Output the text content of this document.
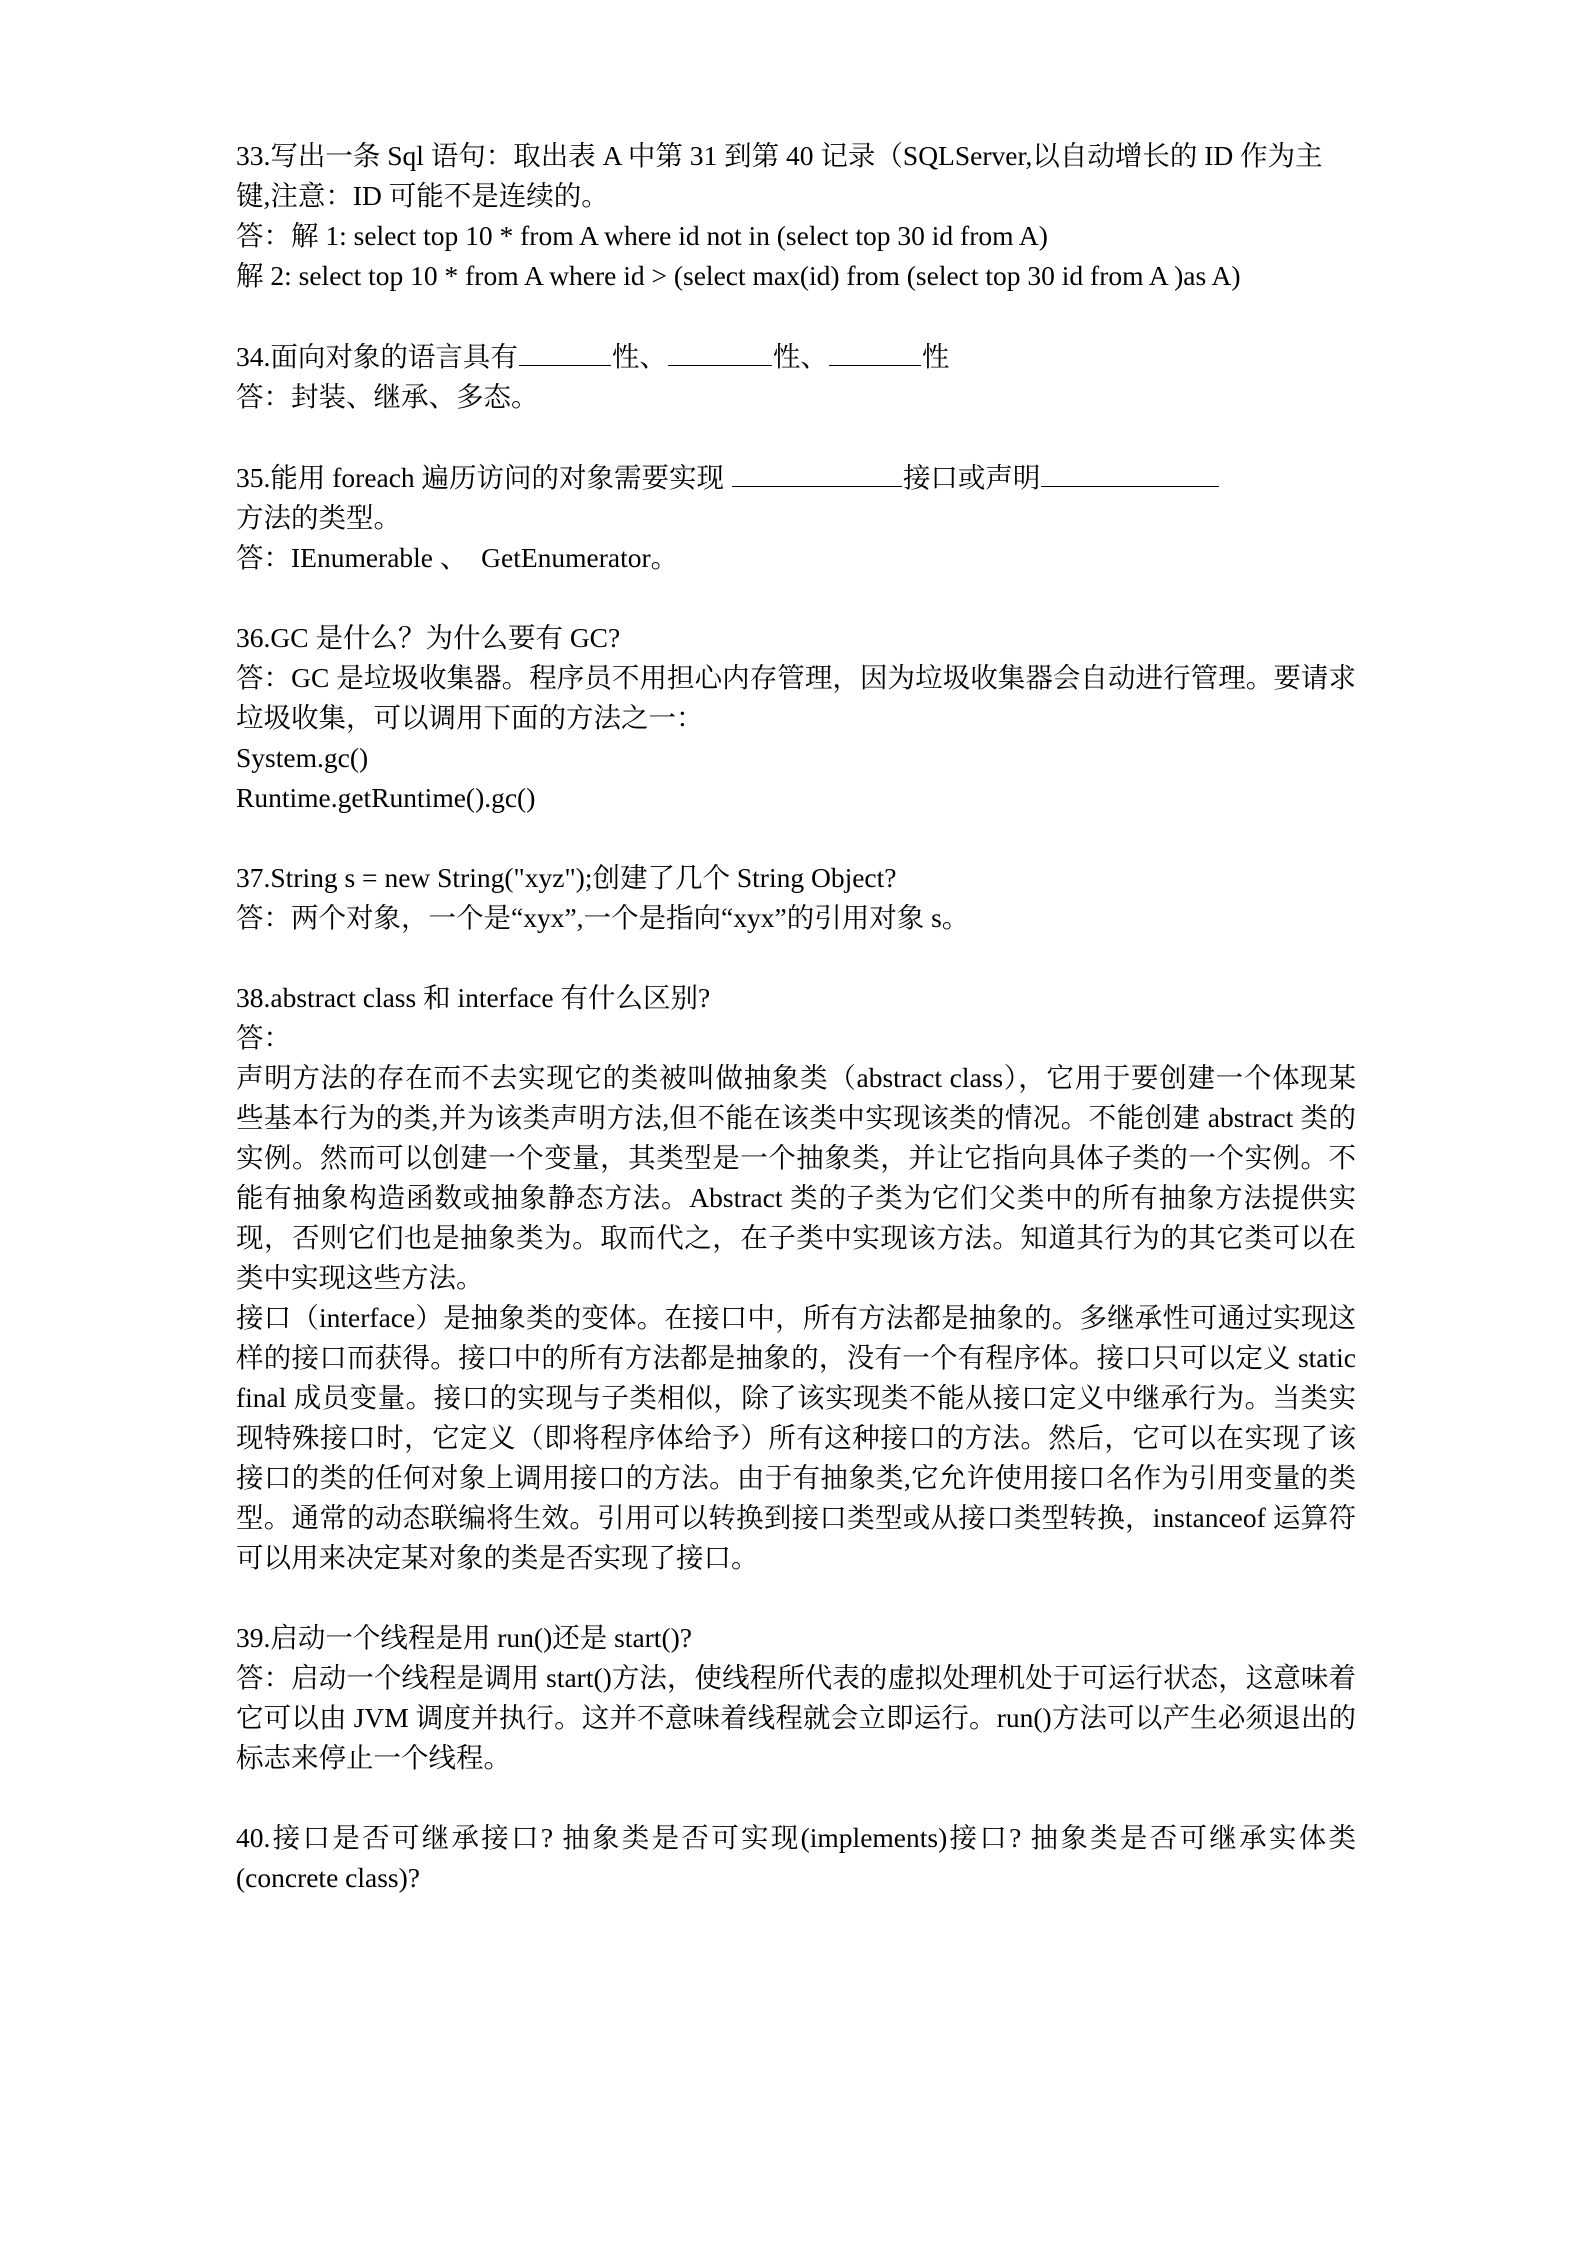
33.写出一条 Sql 语句：取出表 A 中第 31 到第 40 记录（SQLServer,以自动增长的 ID 作为主
键,注意：ID 可能不是连续的。
答：解 1: select top 10 * from A where id not in (select top 30 id from A)
解 2: select top 10 * from A where id > (select max(id) from (select top 30 id from A )as A)
34.面向对象的语言具有	性、	性、	性
答：封装、继承、多态。
35.能用 foreach 遍历访问的对象需要实现	接口或声明
方法的类型。
答：IEnumerable 、  GetEnumerator。
36.GC 是什么？为什么要有 GC?
答：GC 是垃圾收集器。程序员不用担心内存管理，因为垃圾收集器会自动进行管理。要请求垃圾收集，可以调用下面的方法之一：
System.gc()
Runtime.getRuntime().gc()
37.String s = new String("xyz");创建了几个 String Object?
答：两个对象，一个是“xyx”,一个是指向“xyx”的引用对象 s。
38.abstract class 和 interface 有什么区别?
答：
声明方法的存在而不去实现它的类被叫做抽象类（abstract class），它用于要创建一个体现某些基本行为的类,并为该类声明方法,但不能在该类中实现该类的情况。不能创建 abstract 类的实例。然而可以创建一个变量，其类型是一个抽象类，并让它指向具体子类的一个实例。不能有抽象构造函数或抽象静态方法。Abstract 类的子类为它们父类中的所有抽象方法提供实现，否则它们也是抽象类为。取而代之，在子类中实现该方法。知道其行为的其它类可以在类中实现这些方法。
接口（interface）是抽象类的变体。在接口中，所有方法都是抽象的。多继承性可通过实现这样的接口而获得。接口中的所有方法都是抽象的，没有一个有程序体。接口只可以定义 static final 成员变量。接口的实现与子类相似，除了该实现类不能从接口定义中继承行为。当类实现特殊接口时，它定义（即将程序体给予）所有这种接口的方法。然后，它可以在实现了该接口的类的任何对象上调用接口的方法。由于有抽象类,它允许使用接口名作为引用变量的类型。通常的动态联编将生效。引用可以转换到接口类型或从接口类型转换，instanceof 运算符可以用来决定某对象的类是否实现了接口。
39.启动一个线程是用 run()还是 start()?
答：启动一个线程是调用 start()方法，使线程所代表的虚拟处理机处于可运行状态，这意味着它可以由 JVM 调度并执行。这并不意味着线程就会立即运行。run()方法可以产生必须退出的标志来停止一个线程。
40.接口是否可继承接口? 抽象类是否可实现(implements)接口? 抽象类是否可继承实体类(concrete class)?
